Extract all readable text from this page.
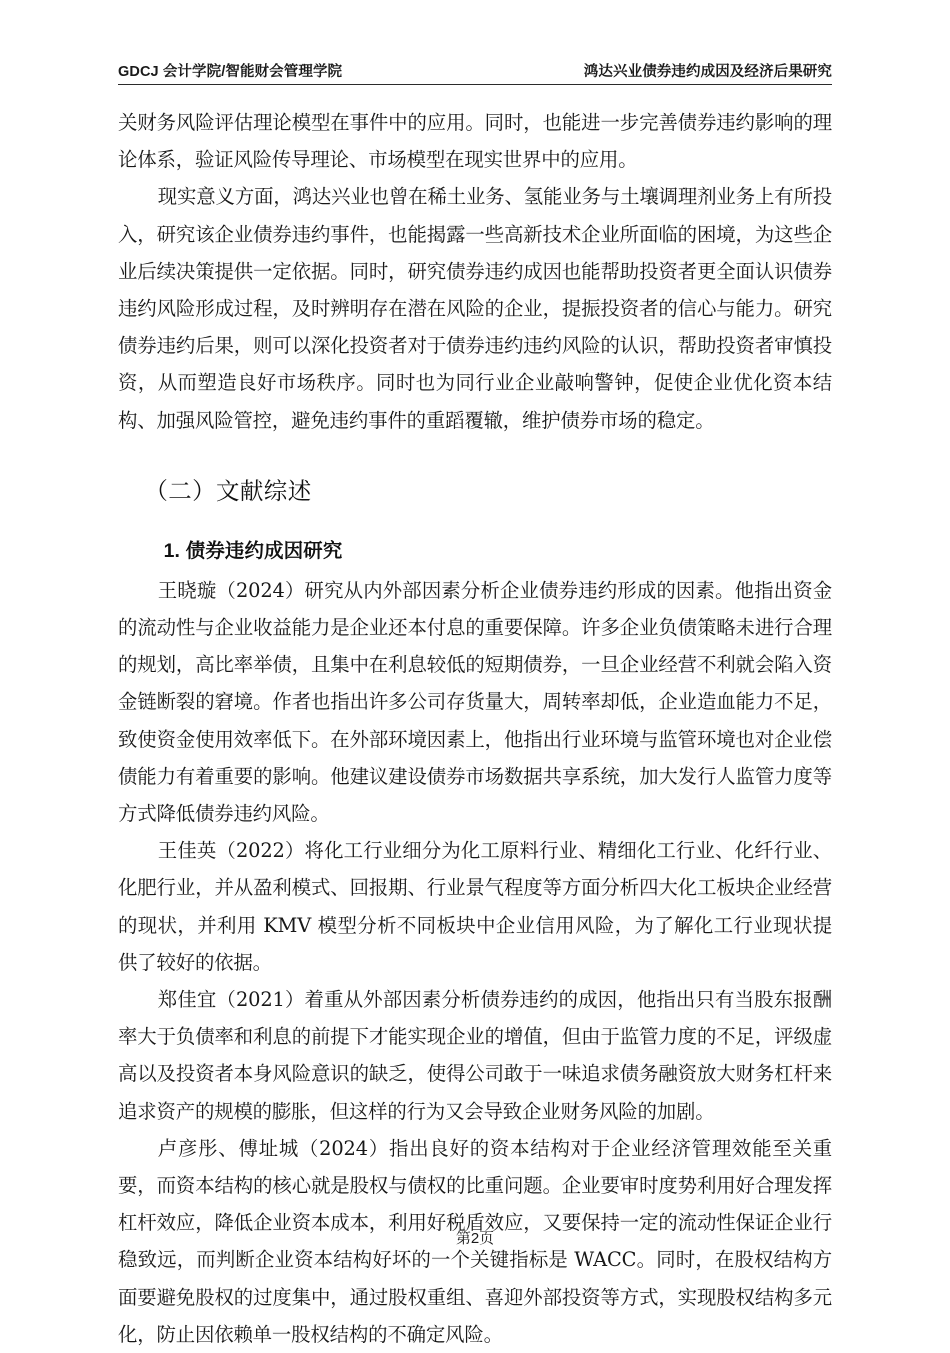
GDCJ 会计学院/智能财会管理学院	鸿达兴业债券违约成因及经济后果研究

关财务风险评估理论模型在事件中的应用。同时，也能进一步完善债券违约影响的理论体系，验证风险传导理论、市场模型在现实世界中的应用。

现实意义方面，鸿达兴业也曾在稀土业务、氢能业务与土壤调理剂业务上有所投入，研究该企业债券违约事件，也能揭露一些高新技术企业所面临的困境，为这些企业后续决策提供一定依据。同时，研究债券违约成因也能帮助投资者更全面认识债券违约风险形成过程，及时辨明存在潜在风险的企业，提振投资者的信心与能力。研究债券违约后果，则可以深化投资者对于债券违约违约风险的认识，帮助投资者审慎投资，从而塑造良好市场秩序。同时也为同行业企业敲响警钟，促使企业优化资本结构、加强风险管控，避免违约事件的重蹈覆辙，维护债券市场的稳定。

（二）文献综述
1. 债券违约成因研究

王晓璇（2024）研究从内外部因素分析企业债券违约形成的因素。他指出资金的流动性与企业收益能力是企业还本付息的重要保障。许多企业负债策略未进行合理的规划，高比率举债，且集中在利息较低的短期债券，一旦企业经营不利就会陷入资金链断裂的窘境。作者也指出许多公司存货量大，周转率却低，企业造血能力不足，致使资金使用效率低下。在外部环境因素上，他指出行业环境与监管环境也对企业偿债能力有着重要的影响。他建议建设债券市场数据共享系统，加大发行人监管力度等方式降低债券违约风险。

王佳英（2022）将化工行业细分为化工原料行业、精细化工行业、化纤行业、化肥行业，并从盈利模式、回报期、行业景气程度等方面分析四大化工板块企业经营的现状，并利用 KMV 模型分析不同板块中企业信用风险，为了解化工行业现状提供了较好的依据。

郑佳宜（2021）着重从外部因素分析债券违约的成因，他指出只有当股东报酬率大于负债率和利息的前提下才能实现企业的增值，但由于监管力度的不足，评级虚高以及投资者本身风险意识的缺乏，使得公司敢于一味追求债务融资放大财务杠杆来追求资产的规模的膨胀，但这样的行为又会导致企业财务风险的加剧。

卢彦彤、傅址城（2024）指出良好的资本结构对于企业经济管理效能至关重要，而资本结构的核心就是股权与债权的比重问题。企业要审时度势利用好合理发挥杠杆效应，降低企业资本成本，利用好税盾效应，又要保持一定的流动性保证企业行稳致远，而判断企业资本结构好坏的一个关键指标是 WACC。同时，在股权结构方面要避免股权的过度集中，通过股权重组、喜迎外部投资等方式，实现股权结构多元化，防止因依赖单一股权结构的不确定风险。

第2页
